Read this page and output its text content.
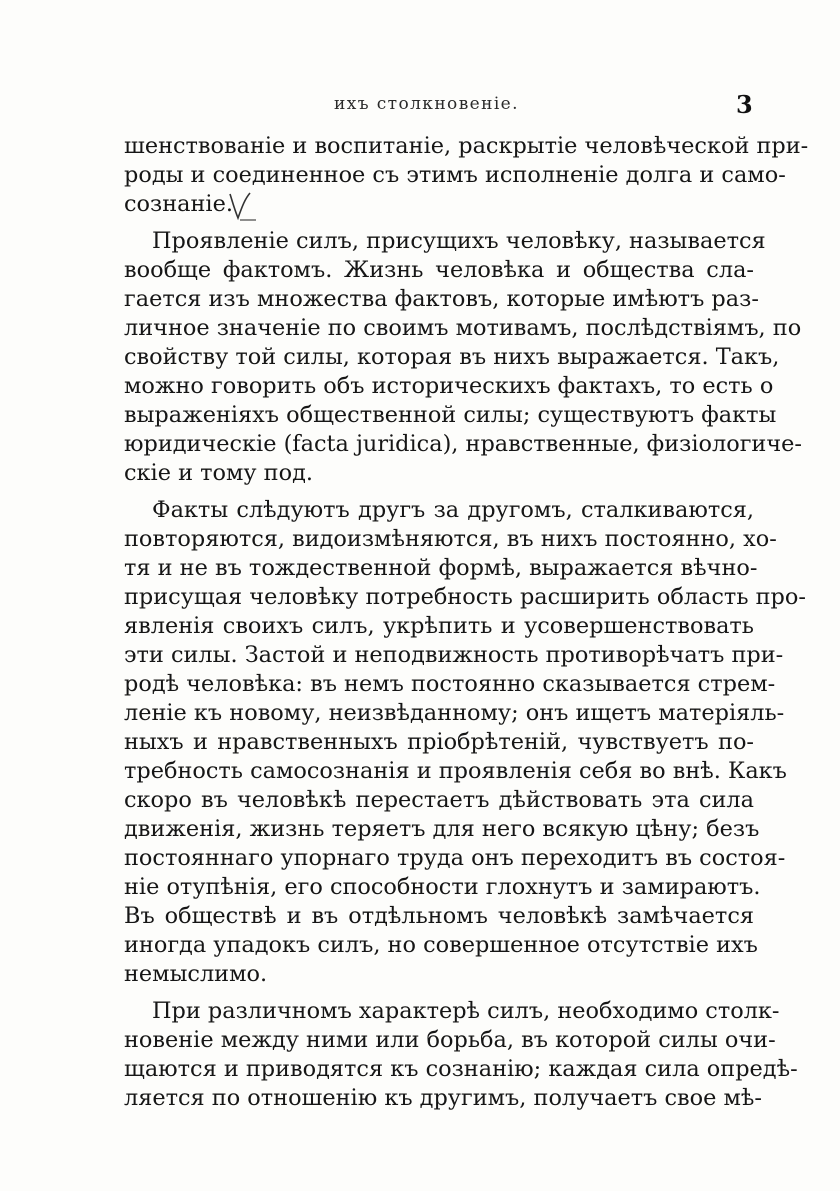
ихъ столкновеніе.	3
шенствованіе и воспитаніе, раскрытіе человѣческой при-
роды и соединенное съ этимъ исполненіе долга и само-
сознаніе.
Проявленіе силъ, присущихъ человѣку, называется
вообще фактомъ. Жизнь человѣка и общества сла-
гается изъ множества фактовъ, которые имѣютъ раз-
личное значеніе по своимъ мотивамъ, послѣдствіямъ, по
свойству той силы, которая въ нихъ выражается. Такъ,
можно говорить объ историческихъ фактахъ, то есть о
выраженіяхъ общественной силы; существуютъ факты
юридическіе (facta juridica), нравственные, физіологиче-
скіе и тому под.
Факты слѣдуютъ другъ за другомъ, сталкиваются,
повторяются, видоизмѣняются, въ нихъ постоянно, хо-
тя и не въ тождественной формѣ, выражается вѣчно-
присущая человѣку потребность расширить область про-
явленія своихъ силъ, укрѣпить и усовершенствовать
эти силы. Застой и неподвижность противорѣчатъ при-
родѣ человѣка: въ немъ постоянно сказывается стрем-
леніе къ новому, неизвѣданному; онъ ищетъ матеріяль-
ныхъ и нравственныхъ пріобрѣтеній, чувствуетъ по-
требность самосознанія и проявленія себя во внѣ. Какъ
скоро въ человѣкѣ перестаетъ дѣйствовать эта сила
движенія, жизнь теряетъ для него всякую цѣну; безъ
постояннаго упорнаго труда онъ переходитъ въ состоя-
ніе отупѣнія, его способности глохнутъ и замираютъ.
Въ обществѣ и въ отдѣльномъ человѣкѣ замѣчается
иногда упадокъ силъ, но совершенное отсутствіе ихъ
немыслимо.
При различномъ характерѣ силъ, необходимо столк-
новеніе между ними или борьба, въ которой силы очи-
щаются и приводятся къ сознанію; каждая сила опредѣ-
ляется по отношенію къ другимъ, получаетъ свое мѣ-
